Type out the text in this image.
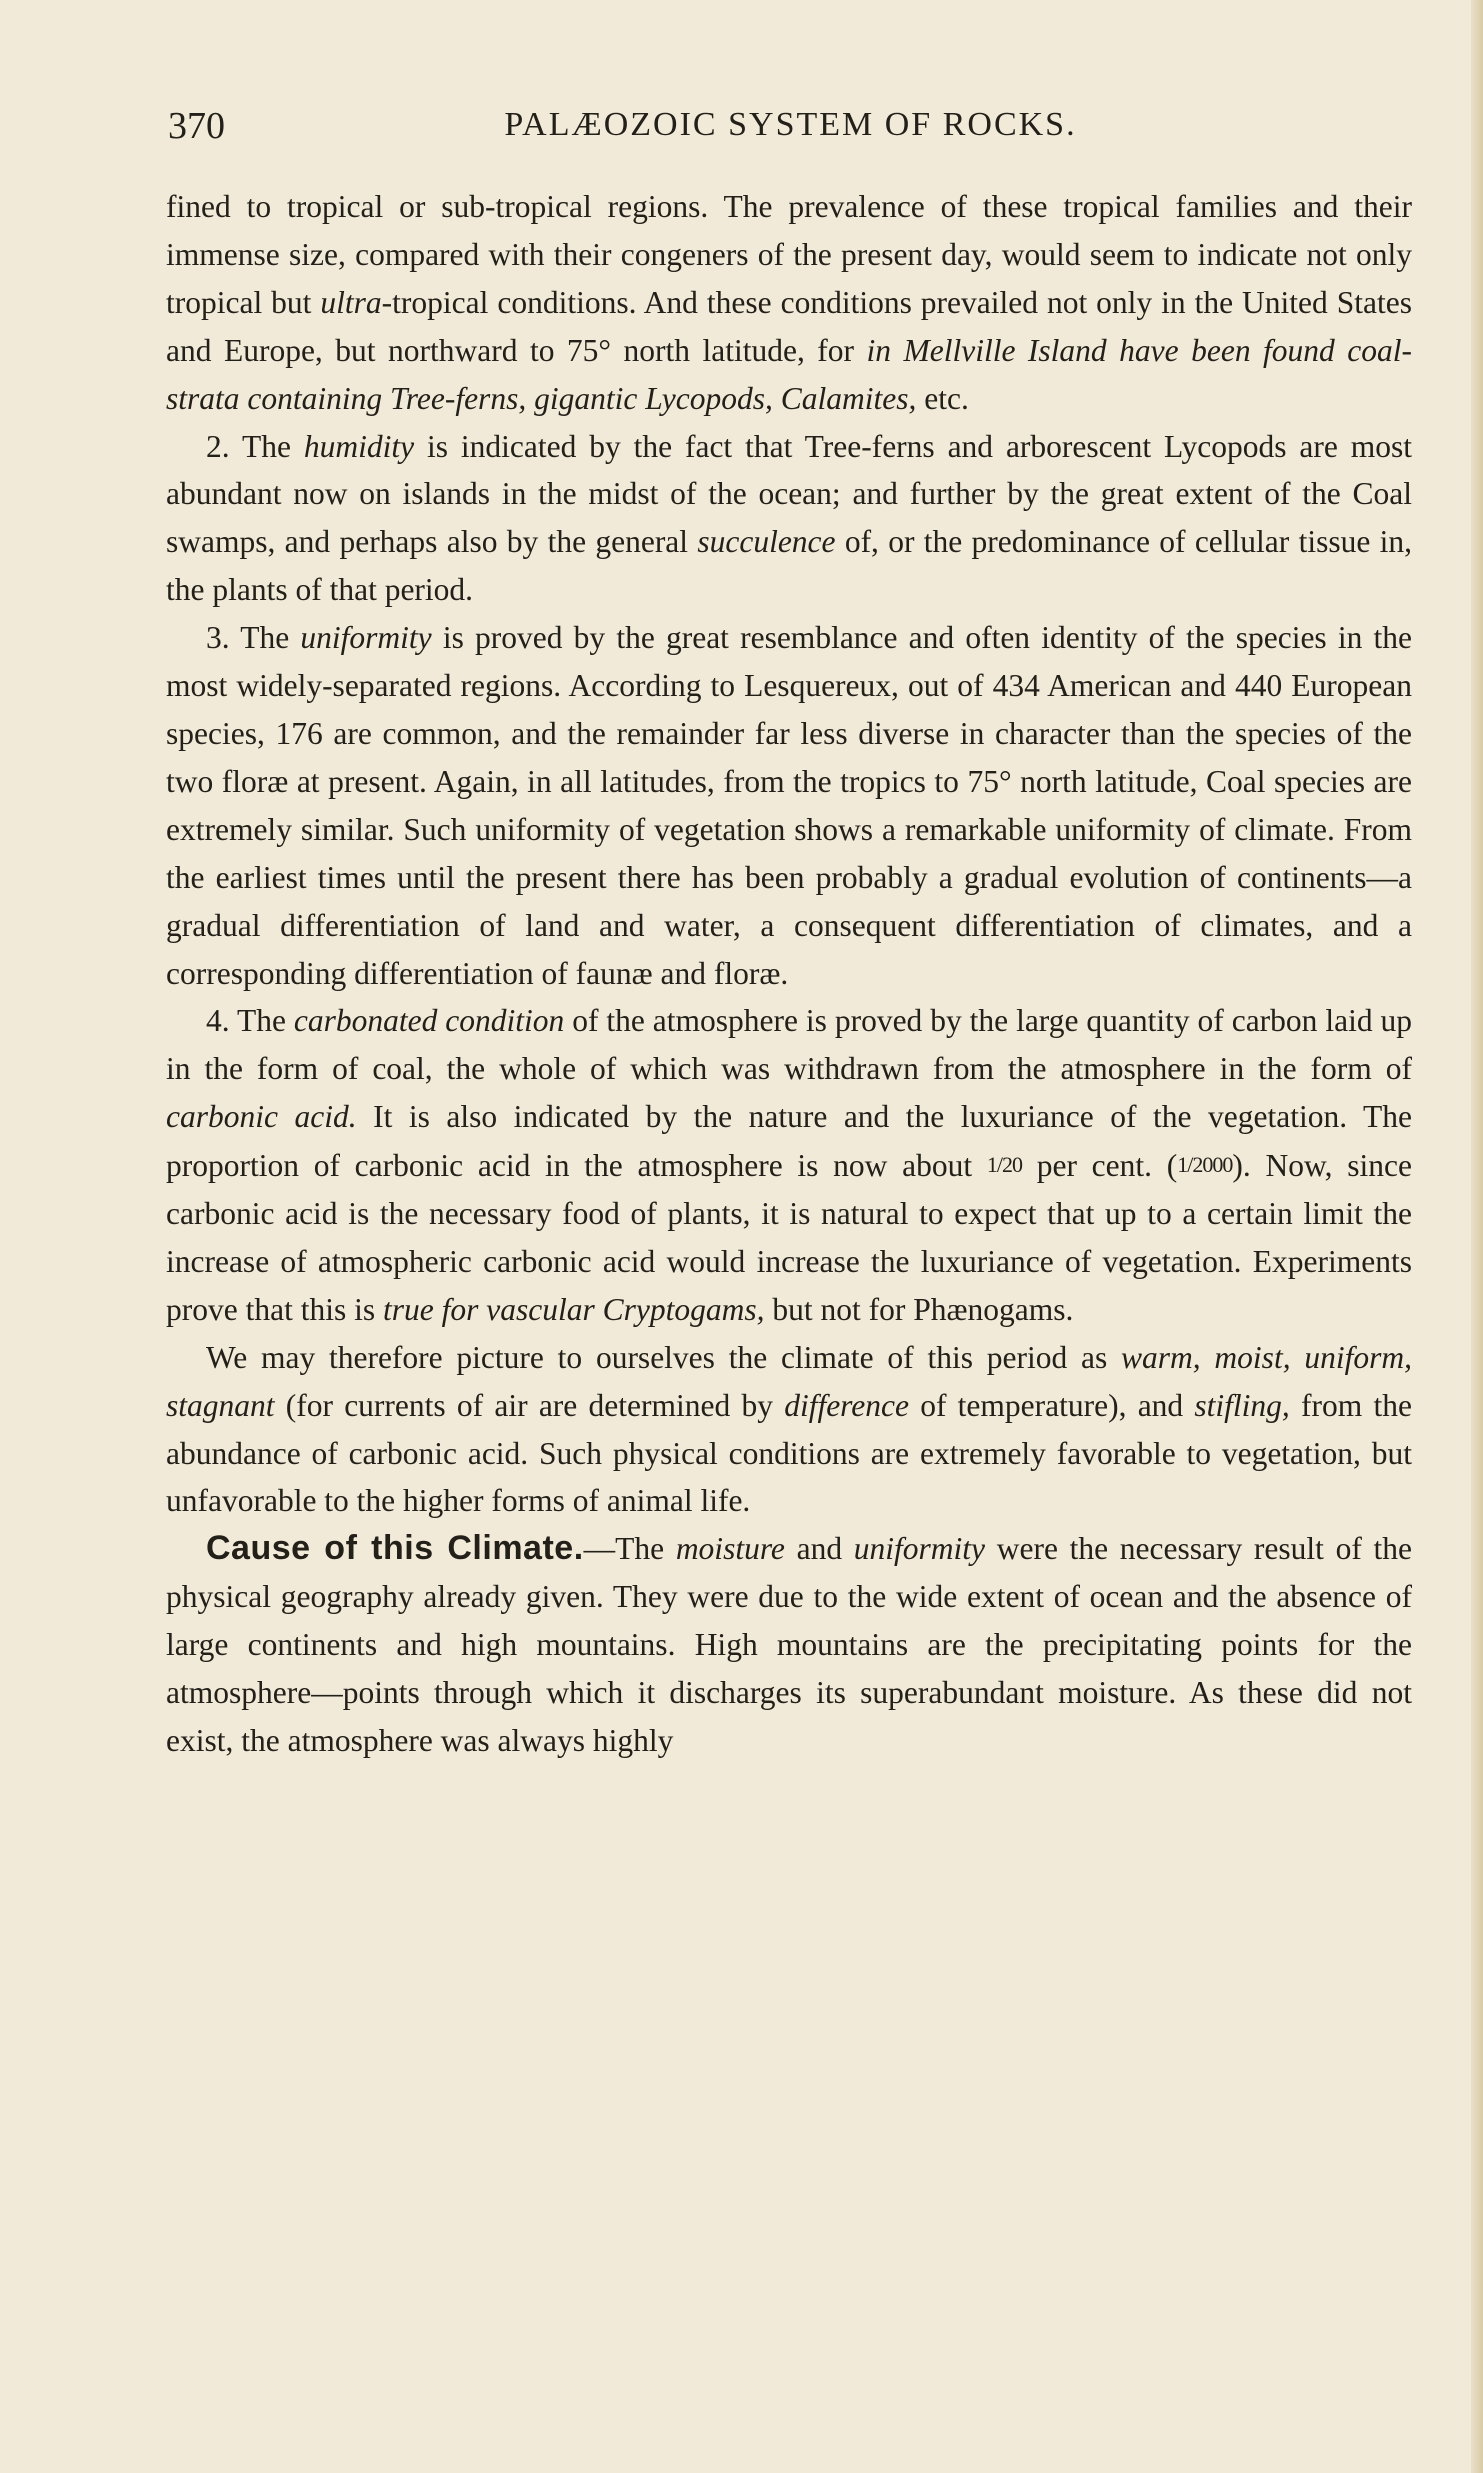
370	PALÆOZOIC SYSTEM OF ROCKS.

fined to tropical or sub-tropical regions. The prevalence of these tropical families and their immense size, compared with their congeners of the present day, would seem to indicate not only tropical but ultra-tropical conditions. And these conditions prevailed not only in the United States and Europe, but northward to 75° north latitude, for in Mellville Island have been found coal-strata containing Tree-ferns, gigantic Lycopods, Calamites, etc.

2. The humidity is indicated by the fact that Tree-ferns and arborescent Lycopods are most abundant now on islands in the midst of the ocean; and further by the great extent of the Coal swamps, and perhaps also by the general succulence of, or the predominance of cellular tissue in, the plants of that period.

3. The uniformity is proved by the great resemblance and often identity of the species in the most widely-separated regions. According to Lesquereux, out of 434 American and 440 European species, 176 are common, and the remainder far less diverse in character than the species of the two floræ at present. Again, in all latitudes, from the tropics to 75° north latitude, Coal species are extremely similar. Such uniformity of vegetation shows a remarkable uniformity of climate. From the earliest times until the present there has been probably a gradual evolution of continents—a gradual differentiation of land and water, a consequent differentiation of climates, and a corresponding differentiation of faunæ and floræ.

4. The carbonated condition of the atmosphere is proved by the large quantity of carbon laid up in the form of coal, the whole of which was withdrawn from the atmosphere in the form of carbonic acid. It is also indicated by the nature and the luxuriance of the vegetation. The proportion of carbonic acid in the atmosphere is now about 1/20 per cent. (1/2000). Now, since carbonic acid is the necessary food of plants, it is natural to expect that up to a certain limit the increase of atmospheric carbonic acid would increase the luxuriance of vegetation. Experiments prove that this is true for vascular Cryptogams, but not for Phænogams.

We may therefore picture to ourselves the climate of this period as warm, moist, uniform, stagnant (for currents of air are determined by difference of temperature), and stifling, from the abundance of carbonic acid. Such physical conditions are extremely favorable to vegetation, but unfavorable to the higher forms of animal life.

Cause of this Climate.—The moisture and uniformity were the necessary result of the physical geography already given. They were due to the wide extent of ocean and the absence of large continents and high mountains. High mountains are the precipitating points for the atmosphere—points through which it discharges its superabundant moisture. As these did not exist, the atmosphere was always highly
